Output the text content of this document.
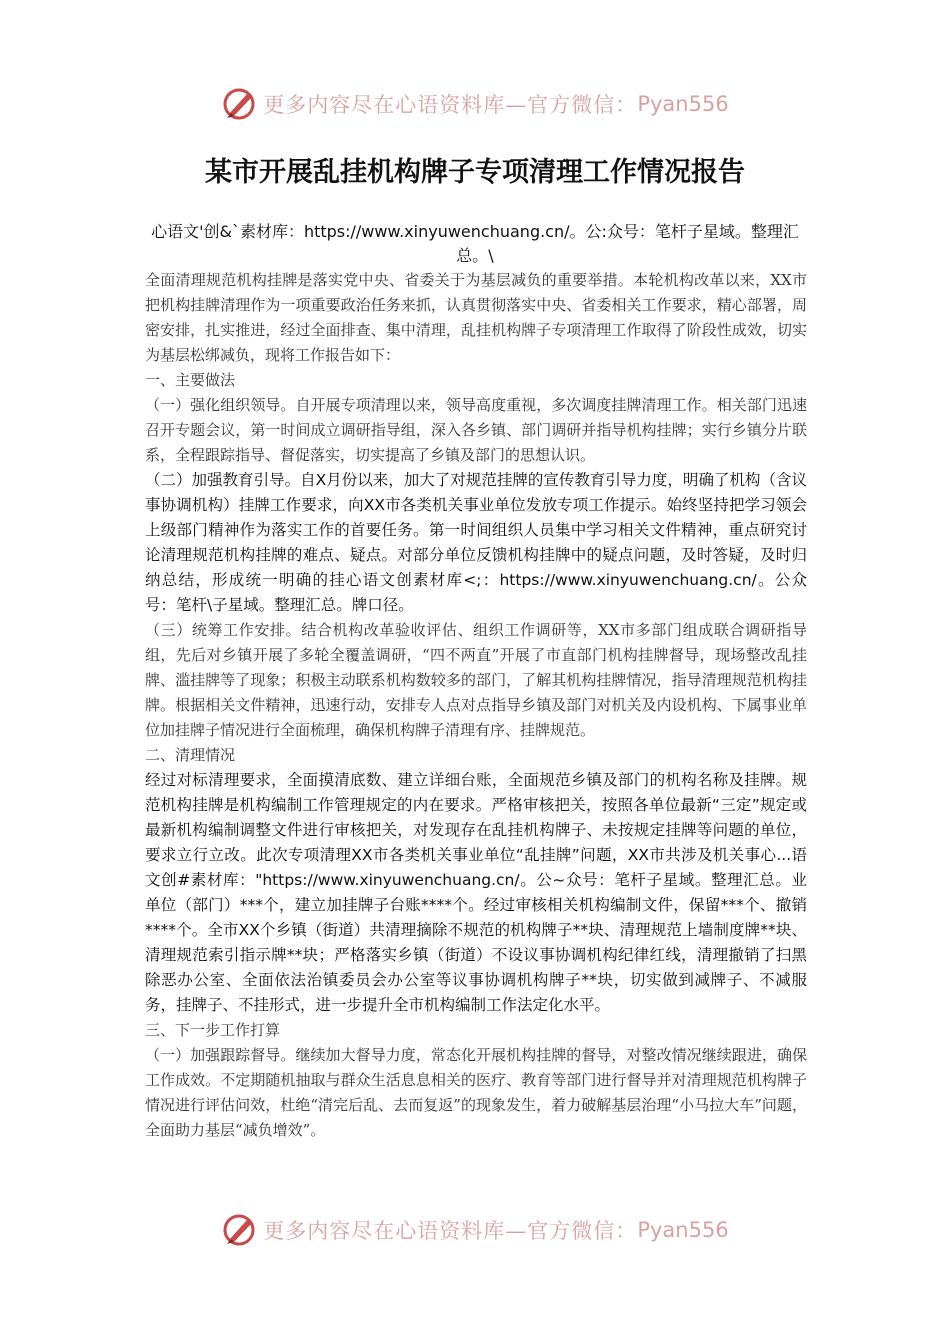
更多内容尽在心语资料库—官方微信： Pyan556
某市开展乱挂机构牌子专项清理工作情况报告
心语文'创&`素材库：https://www.xinyuwenchuang.cn/。公:众号：笔杆子星域。整理汇总。\

全面清理规范机构挂牌是落实党中央、省委关于为基层减负的重要举措。本轮机构改革以来，XX市把机构挂牌清理作为一项重要政治任务来抓，认真贯彻落实中央、省委相关工作要求，精心部署，周密安排，扎实推进，经过全面排查、集中清理，乱挂机构牌子专项清理工作取得了阶段性成效，切实为基层松绑减负，现将工作报告如下：

一、主要做法

（一）强化组织领导。自开展专项清理以来，领导高度重视，多次调度挂牌清理工作。相关部门迅速召开专题会议，第一时间成立调研指导组，深入各乡镇、部门调研并指导机构挂牌；实行乡镇分片联系，全程跟踪指导、督促落实，切实提高了乡镇及部门的思想认识。

（二）加强教育引导。自X月份以来，加大了对规范挂牌的宣传教育引导力度，明确了机构（含议事协调机构）挂牌工作要求，向XX市各类机关事业单位发放专项工作提示。始终坚持把学习领会上级部门精神作为落实工作的首要任务。第一时间组织人员集中学习相关文件精神，重点研究讨论清理规范机构挂牌的难点、疑点。对部分单位反馈机构挂牌中的疑点问题，及时答疑，及时归纳总结，形成统一明确的挂心语文创素材库<;：https://www.xinyuwenchuang.cn/。公众号：笔杆\子星域。整理汇总。牌口径。

（三）统筹工作安排。结合机构改革验收评估、组织工作调研等，XX市多部门组成联合调研指导组，先后对乡镇开展了多轮全覆盖调研，“四不两直”开展了市直部门机构挂牌督导，现场整改乱挂牌、滥挂牌等了现象；积极主动联系机构数较多的部门，了解其机构挂牌情况，指导清理规范机构挂牌。根据相关文件精神，迅速行动，安排专人点对点指导乡镇及部门对机关及内设机构、下属事业单位加挂牌子情况进行全面梳理，确保机构牌子清理有序、挂牌规范。

二、清理情况

经过对标清理要求，全面摸清底数、建立详细台账，全面规范乡镇及部门的机构名称及挂牌。规范机构挂牌是机构编制工作管理规定的内在要求。严格审核把关，按照各单位最新“三定”规定或最新机构编制调整文件进行审核把关，对发现存在乱挂机构牌子、未按规定挂牌等问题的单位，要求立行立改。此次专项清理XX市各类机关事业单位“乱挂牌”问题，XX市共涉及机关事心...语文创#素材库："https://www.xinyuwenchuang.cn/。公~众号：笔杆子星域。整理汇总。业单位（部门）***个，建立加挂牌子台账****个。经过审核相关机构编制文件，保留***个、撤销****个。全市XX个乡镇（街道）共清理摘除不规范的机构牌子**块、清理规范上墙制度牌**块、清理规范索引指示牌**块；严格落实乡镇（街道）不设议事协调机构纪律红线，清理撤销了扫黑除恶办公室、全面依法治镇委员会办公室等议事协调机构牌子**块，切实做到减牌子、不减服务，挂牌子、不挂形式，进一步提升全市机构编制工作法定化水平。

三、下一步工作打算

（一）加强跟踪督导。继续加大督导力度，常态化开展机构挂牌的督导，对整改情况继续跟进，确保工作成效。不定期随机抽取与群众生活息息相关的医疗、教育等部门进行督导并对清理规范机构牌子情况进行评估问效，杜绝“清完后乱、去而复返”的现象发生，着力破解基层治理“小马拉大车”问题，全面助力基层“减负增效”。

更多内容尽在心语资料库—官方微信： Pyan556
